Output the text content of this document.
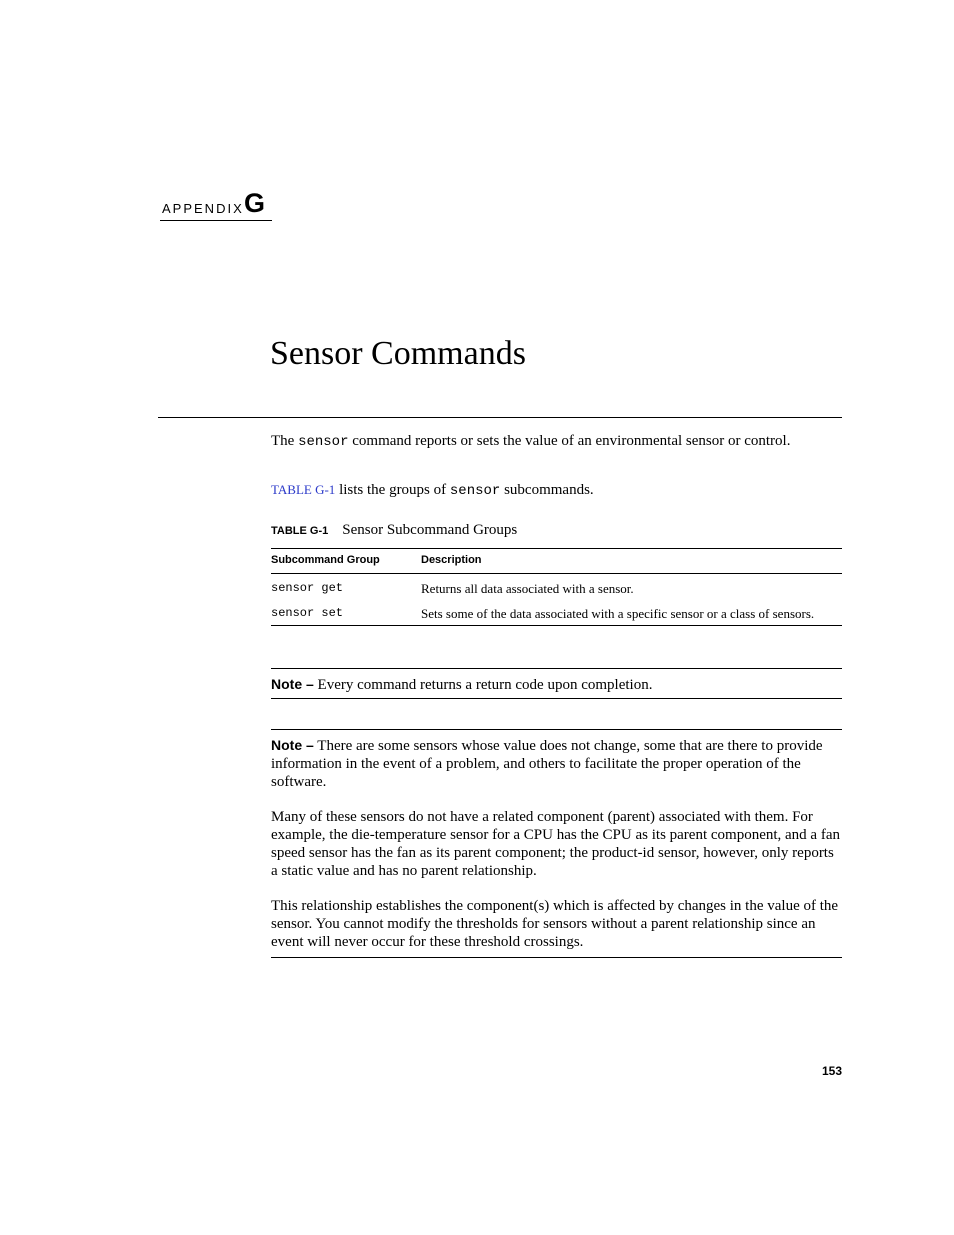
APPENDIX G
Sensor Commands
The sensor command reports or sets the value of an environmental sensor or control.
TABLE G-1 lists the groups of sensor subcommands.
TABLE G-1 Sensor Subcommand Groups
Subcommand Group	Description
sensor get	Returns all data associated with a sensor.
sensor set	Sets some of the data associated with a specific sensor or a class of sensors.
Note – Every command returns a return code upon completion.

Note – There are some sensors whose value does not change, some that are there to provide information in the event of a problem, and others to facilitate the proper operation of the software.

Many of these sensors do not have a related component (parent) associated with them. For example, the die-temperature sensor for a CPU has the CPU as its parent component, and a fan speed sensor has the fan as its parent component; the product-id sensor, however, only reports a static value and has no parent relationship.

This relationship establishes the component(s) which is affected by changes in the value of the sensor. You cannot modify the thresholds for sensors without a parent relationship since an event will never occur for these threshold crossings.

153
